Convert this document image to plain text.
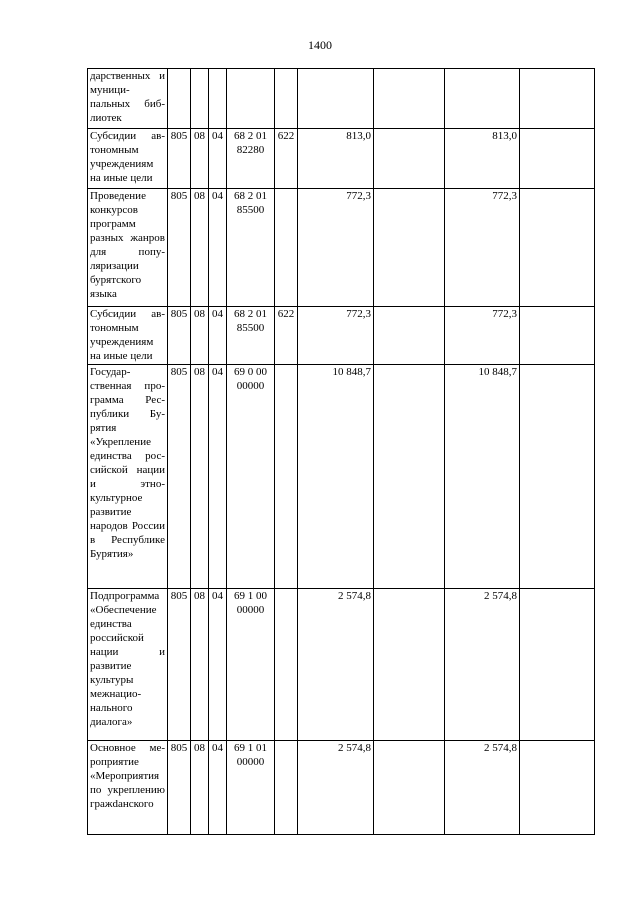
1400
дарственных и муниципальных библиотек									
Субсидии автономным учреждениям на иные цели	805	08	04	68 2 01 82280	622	813,0		813,0	
Проведение конкурсов программ разных жанров для популяризации бурятского языка	805	08	04	68 2 01 85500		772,3		772,3	
Субсидии автономным учреждениям на иные цели	805	08	04	68 2 01 85500	622	772,3		772,3	
Государственная программа Республики Бурятия «Укрепление единства российской нации и этнокультурное развитие народов России в Республике Бурятия»	805	08	04	69 0 00 00000		10 848,7		10 848,7	
Подпрограмма «Обеспечение единства российской нации и развитие культуры межнационального диалога»	805	08	04	69 1 00 00000		2 574,8		2 574,8	
Основное мероприятие «Мероприятия по укреплению гражdанского	805	08	04	69 1 01 00000		2 574,8		2 574,8	
